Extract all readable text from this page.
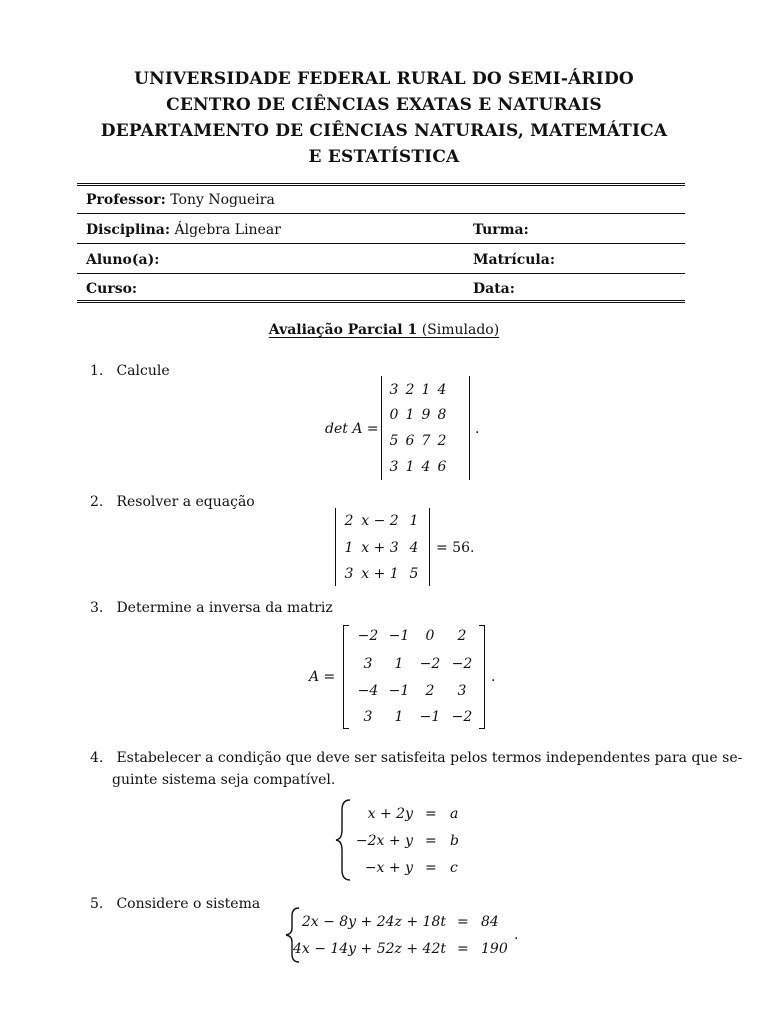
UNIVERSIDADE FEDERAL RURAL DO SEMI-ÁRIDO
CENTRO DE CIÊNCIAS EXATAS E NATURAIS
DEPARTAMENTO DE CIÊNCIAS NATURAIS, MATEMÁTICA
E ESTATÍSTICA
Professor: Tony Nogueira
Disciplina: Álgebra Linear	Turma:
Aluno(a):	Matrícula:
Curso:	Data:
Avaliação Parcial 1 (Simulado)
1. Calcule
det A =
3 2 1 4
0 1 9 8
5 6 7 2
3 1 4 6
.
2. Resolver a equação
2 x − 2 1
1 x + 3 4
3 x + 1 5
= 56.
3. Determine a inversa da matriz
A =
−2 −1	0	2
3	1	−2 −2
−4 −1	2	3
3	1	−1 −2
.
4. Estabelecer a condição que deve ser satisfeita pelos termos independentes para que se-
guinte sistema seja compatível.
x + 2y = a
−2x + y = b
−x + y = c
5. Considere o sistema
2x − 8y + 24z + 18t = 84
4x − 14y + 52z + 42t = 190
.
